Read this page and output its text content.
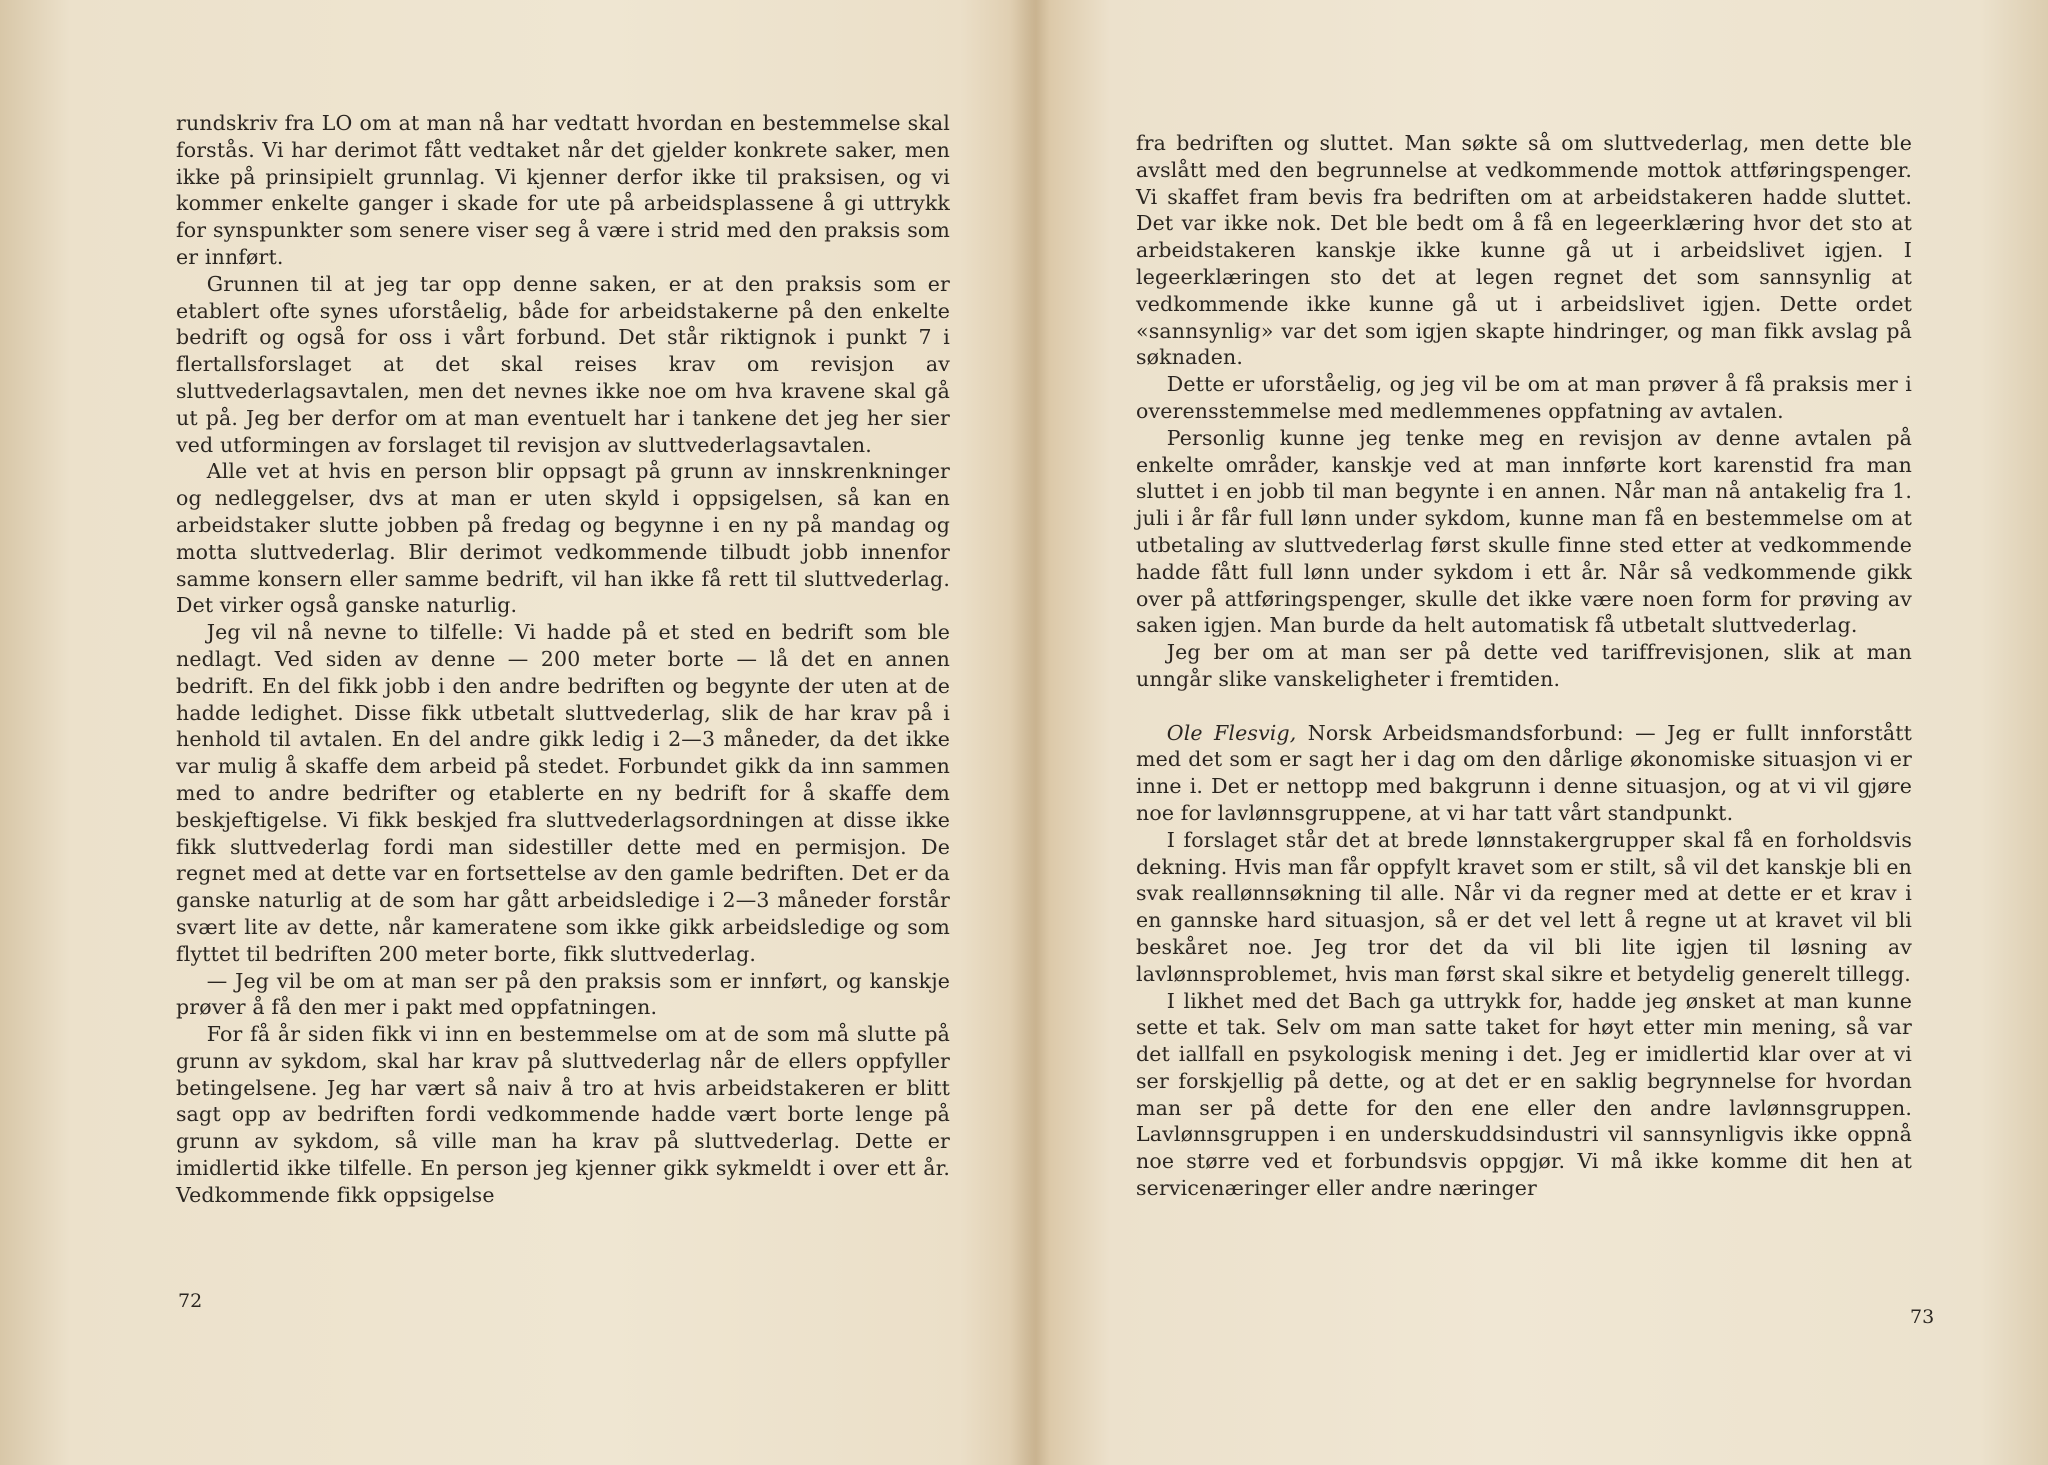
rundskriv fra LO om at man nå har vedtatt hvordan en bestemmelse skal forstås. Vi har derimot fått vedtaket når det gjelder konkrete saker, men ikke på prinsipielt grunnlag. Vi kjenner derfor ikke til praksisen, og vi kommer enkelte ganger i skade for ute på arbeidsplassene å gi uttrykk for synspunkter som senere viser seg å være i strid med den praksis som er innført.

Grunnen til at jeg tar opp denne saken, er at den praksis som er etablert ofte synes uforståelig, både for arbeidstakerne på den enkelte bedrift og også for oss i vårt forbund. Det står riktignok i punkt 7 i flertallsforslaget at det skal reises krav om revisjon av sluttvederlagsavtalen, men det nevnes ikke noe om hva kravene skal gå ut på. Jeg ber derfor om at man eventuelt har i tankene det jeg her sier ved utformingen av forslaget til revisjon av sluttvederlagsavtalen.

Alle vet at hvis en person blir oppsagt på grunn av innskrenkninger og nedleggelser, dvs at man er uten skyld i oppsigelsen, så kan en arbeidstaker slutte jobben på fredag og begynne i en ny på mandag og motta sluttvederlag. Blir derimot vedkommende tilbudt jobb innenfor samme konsern eller samme bedrift, vil han ikke få rett til sluttvederlag. Det virker også ganske naturlig.

Jeg vil nå nevne to tilfelle: Vi hadde på et sted en bedrift som ble nedlagt. Ved siden av denne — 200 meter borte — lå det en annen bedrift. En del fikk jobb i den andre bedriften og begynte der uten at de hadde ledighet. Disse fikk utbetalt sluttvederlag, slik de har krav på i henhold til avtalen. En del andre gikk ledig i 2—3 måneder, da det ikke var mulig å skaffe dem arbeid på stedet. Forbundet gikk da inn sammen med to andre bedrifter og etablerte en ny bedrift for å skaffe dem beskjeftigelse. Vi fikk beskjed fra sluttvederlagsordningen at disse ikke fikk sluttvederlag fordi man sidestiller dette med en permisjon. De regnet med at dette var en fortsettelse av den gamle bedriften. Det er da ganske naturlig at de som har gått arbeidsledige i 2—3 måneder forstår svært lite av dette, når kameratene som ikke gikk arbeidsledige og som flyttet til bedriften 200 meter borte, fikk sluttvederlag.

— Jeg vil be om at man ser på den praksis som er innført, og kanskje prøver å få den mer i pakt med oppfatningen.

For få år siden fikk vi inn en bestemmelse om at de som må slutte på grunn av sykdom, skal har krav på sluttvederlag når de ellers oppfyller betingelsene. Jeg har vært så naiv å tro at hvis arbeidstakeren er blitt sagt opp av bedriften fordi vedkommende hadde vært borte lenge på grunn av sykdom, så ville man ha krav på sluttvederlag. Dette er imidlertid ikke tilfelle. En person jeg kjenner gikk sykmeldt i over ett år. Vedkommende fikk oppsigelse

72

fra bedriften og sluttet. Man søkte så om sluttvederlag, men dette ble avslått med den begrunnelse at vedkommende mottok attføringspenger. Vi skaffet fram bevis fra bedriften om at arbeidstakeren hadde sluttet. Det var ikke nok. Det ble bedt om å få en legeerklæring hvor det sto at arbeidstakeren kanskje ikke kunne gå ut i arbeidslivet igjen. I legeerklæringen sto det at legen regnet det som sannsynlig at vedkommende ikke kunne gå ut i arbeidslivet igjen. Dette ordet «sannsynlig» var det som igjen skapte hindringer, og man fikk avslag på søknaden.

Dette er uforståelig, og jeg vil be om at man prøver å få praksis mer i overensstemmelse med medlemmenes oppfatning av avtalen.

Personlig kunne jeg tenke meg en revisjon av denne avtalen på enkelte områder, kanskje ved at man innførte kort karenstid fra man sluttet i en jobb til man begynte i en annen. Når man nå antakelig fra 1. juli i år får full lønn under sykdom, kunne man få en bestemmelse om at utbetaling av sluttvederlag først skulle finne sted etter at vedkommende hadde fått full lønn under sykdom i ett år. Når så vedkommende gikk over på attføringspenger, skulle det ikke være noen form for prøving av saken igjen. Man burde da helt automatisk få utbetalt sluttvederlag.

Jeg ber om at man ser på dette ved tariffrevisjonen, slik at man unngår slike vanskeligheter i fremtiden.

Ole Flesvig, Norsk Arbeidsmandsforbund: — Jeg er fullt innforstått med det som er sagt her i dag om den dårlige økonomiske situasjon vi er inne i. Det er nettopp med bakgrunn i denne situasjon, og at vi vil gjøre noe for lavlønnsgruppene, at vi har tatt vårt standpunkt.

I forslaget står det at brede lønnstakergrupper skal få en forholdsvis dekning. Hvis man får oppfylt kravet som er stilt, så vil det kanskje bli en svak reallønnsøkning til alle. Når vi da regner med at dette er et krav i en gannske hard situasjon, så er det vel lett å regne ut at kravet vil bli beskåret noe. Jeg tror det da vil bli lite igjen til løsning av lavlønnsproblemet, hvis man først skal sikre et betydelig generelt tillegg.

I likhet med det Bach ga uttrykk for, hadde jeg ønsket at man kunne sette et tak. Selv om man satte taket for høyt etter min mening, så var det iallfall en psykologisk mening i det. Jeg er imidlertid klar over at vi ser forskjellig på dette, og at det er en saklig begrynnelse for hvordan man ser på dette for den ene eller den andre lavlønnsgruppen. Lavlønnsgruppen i en underskuddsindustri vil sannsynligvis ikke oppnå noe større ved et forbundsvis oppgjør. Vi må ikke komme dit hen at servicenæringer eller andre næringer

73
